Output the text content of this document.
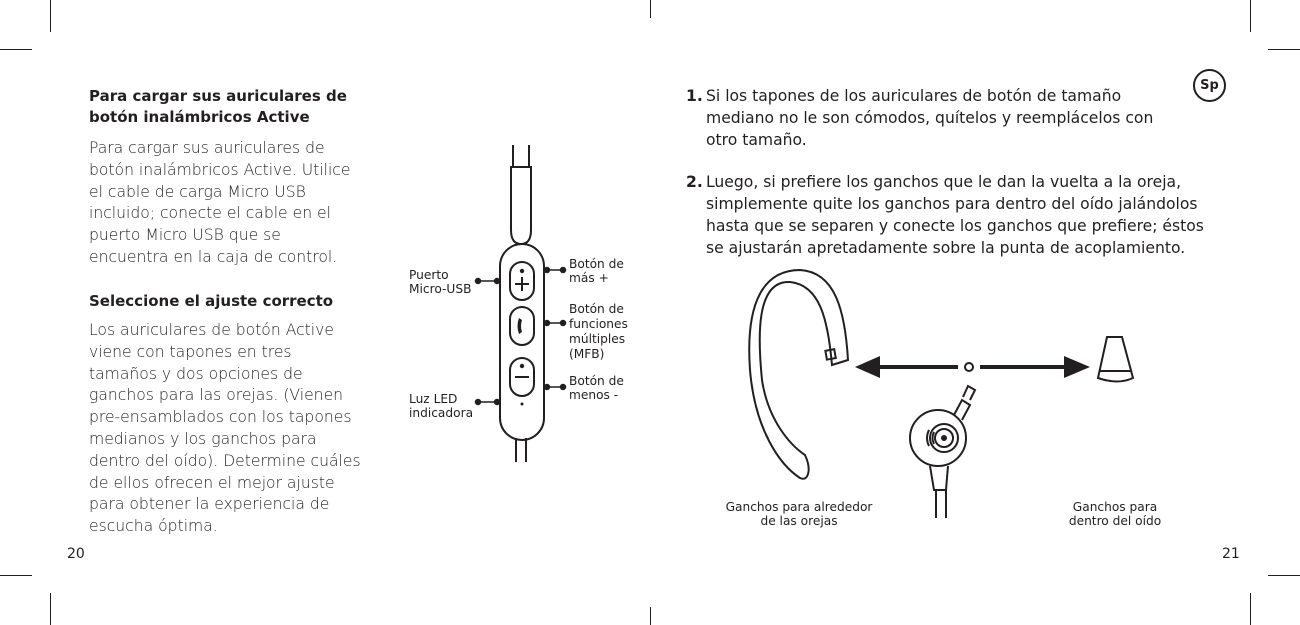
Para cargar sus auriculares de
botón inalámbricos Active

Para cargar sus auriculares de
botón inalámbricos Active. Utilice
el cable de carga Micro USB
incluido; conecte el cable en el
puerto Micro USB que se
encuentra en la caja de control.

Seleccione el ajuste correcto

Los auriculares de botón Active
viene con tapones en tres
tamaños y dos opciones de
ganchos para las orejas. (Vienen
pre-ensamblados con los tapones
medianos y los ganchos para
dentro del oído). Determine cuáles
de ellos ofrecen el mejor ajuste
para obtener la experiencia de
escucha óptima.

20
Puerto
Micro-USB
Luz LED
indicadora
Botón de
más +
Botón de
funciones
múltiples
(MFB)
Botón de
menos -
Sp
1. Si los tapones de los auriculares de botón de tamaño
mediano no le son cómodos, quítelos y reemplácelos con
otro tamaño.
2. Luego, si prefiere los ganchos que le dan la vuelta a la oreja,
simplemente quite los ganchos para dentro del oído jalándolos
hasta que se separen y conecte los ganchos que prefiere; éstos
se ajustarán apretadamente sobre la punta de acoplamiento.
Ganchos para alrededor
de las orejas
Ganchos para
dentro del oído
21
